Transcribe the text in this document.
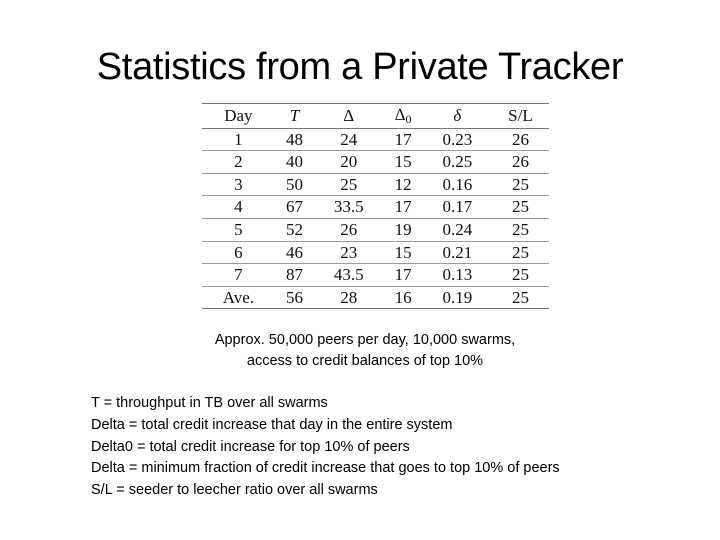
Statistics from a Private Tracker
Day	T	Δ	Δ0	δ	S/L
1	48	24	17	0.23	26
2	40	20	15	0.25	26
3	50	25	12	0.16	25
4	67	33.5	17	0.17	25
5	52	26	19	0.24	25
6	46	23	15	0.21	25
7	87	43.5	17	0.13	25
Ave.	56	28	16	0.19	25
Approx. 50,000 peers per day, 10,000 swarms,
access to credit balances of top 10%
T = throughput in TB over all swarms
Delta = total credit increase that day in the entire system
Delta0 = total credit increase for top 10% of peers
Delta = minimum fraction of credit increase that goes to top 10% of peers
S/L = seeder to leecher ratio over all swarms
